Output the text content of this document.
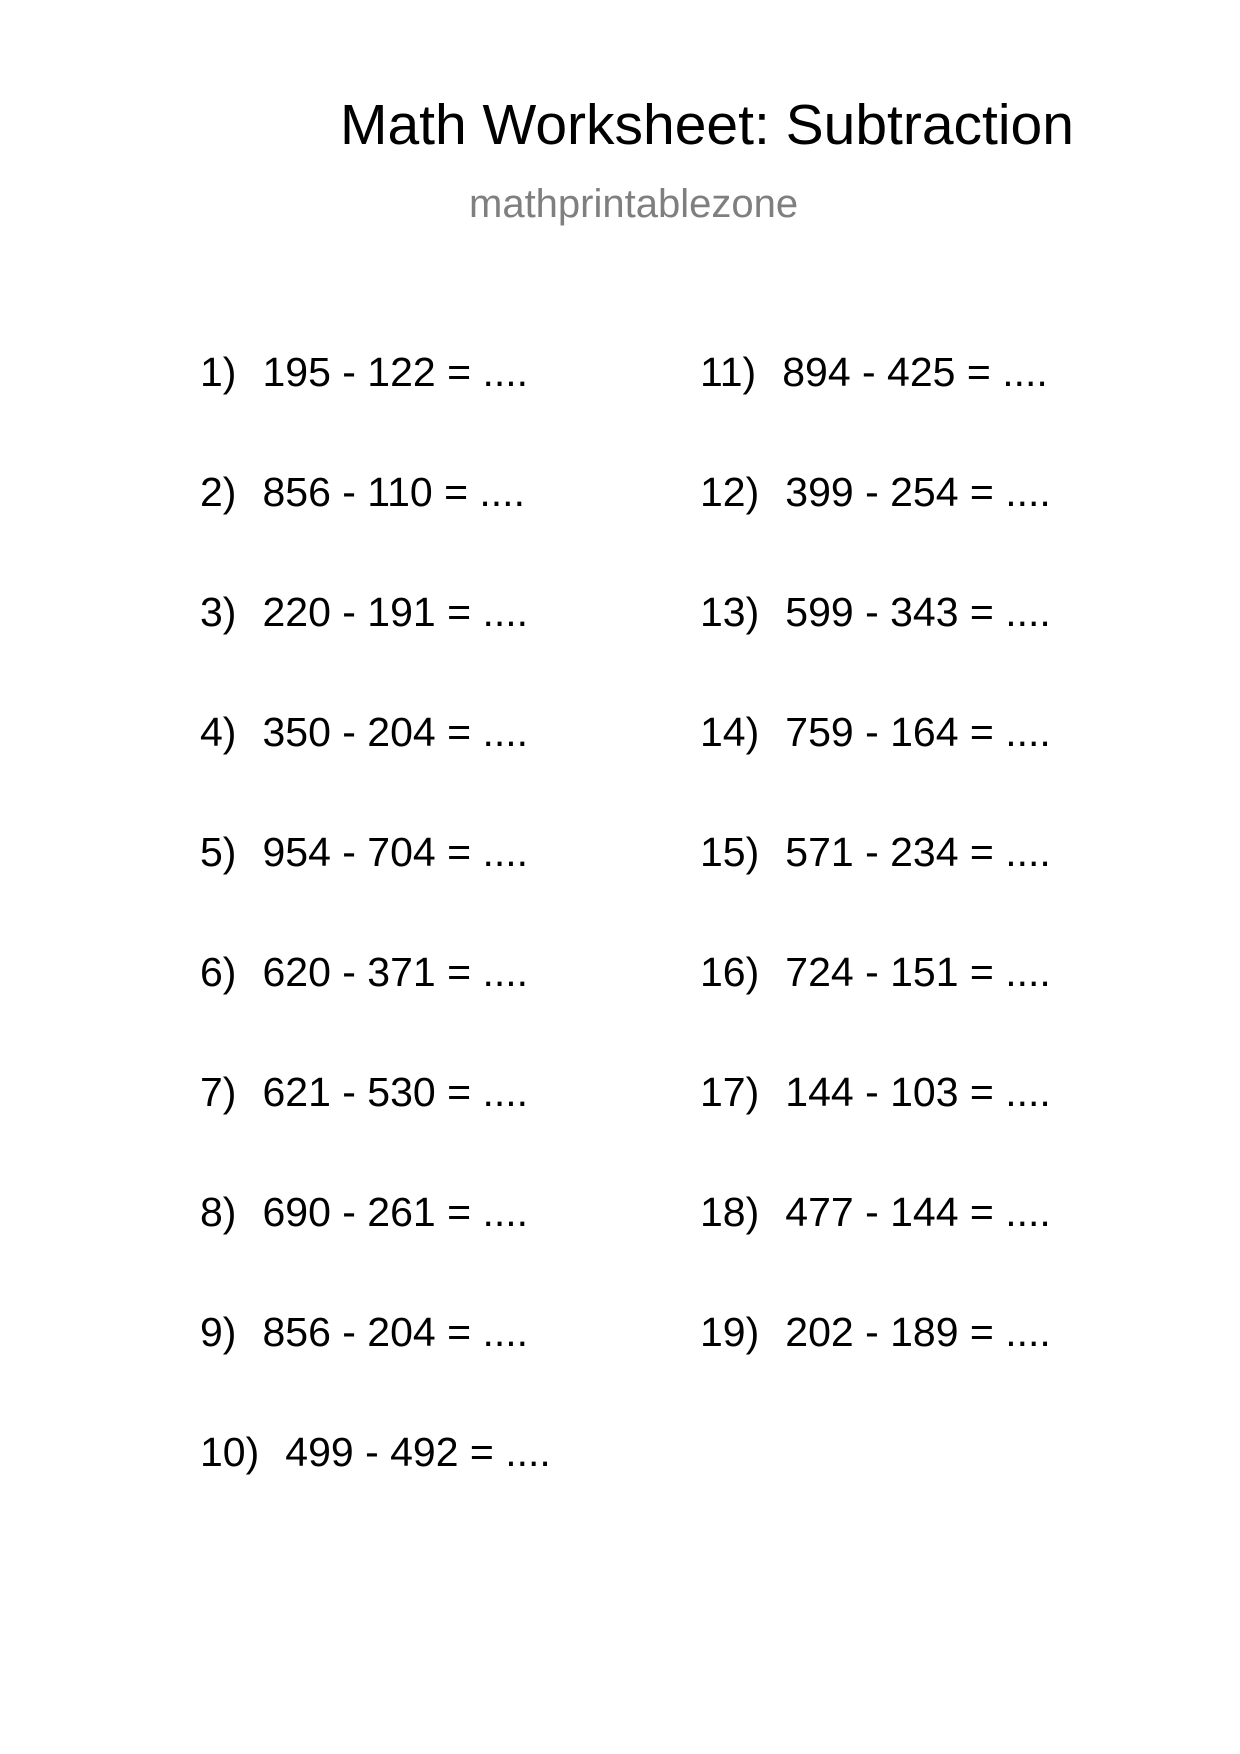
Math Worksheet: Subtraction
mathprintablezone
1) 195 - 122 = ....
2) 856 - 110 = ....
3) 220 - 191 = ....
4) 350 - 204 = ....
5) 954 - 704 = ....
6) 620 - 371 = ....
7) 621 - 530 = ....
8) 690 - 261 = ....
9) 856 - 204 = ....
10) 499 - 492 = ....
11) 894 - 425 = ....
12) 399 - 254 = ....
13) 599 - 343 = ....
14) 759 - 164 = ....
15) 571 - 234 = ....
16) 724 - 151 = ....
17) 144 - 103 = ....
18) 477 - 144 = ....
19) 202 - 189 = ....
